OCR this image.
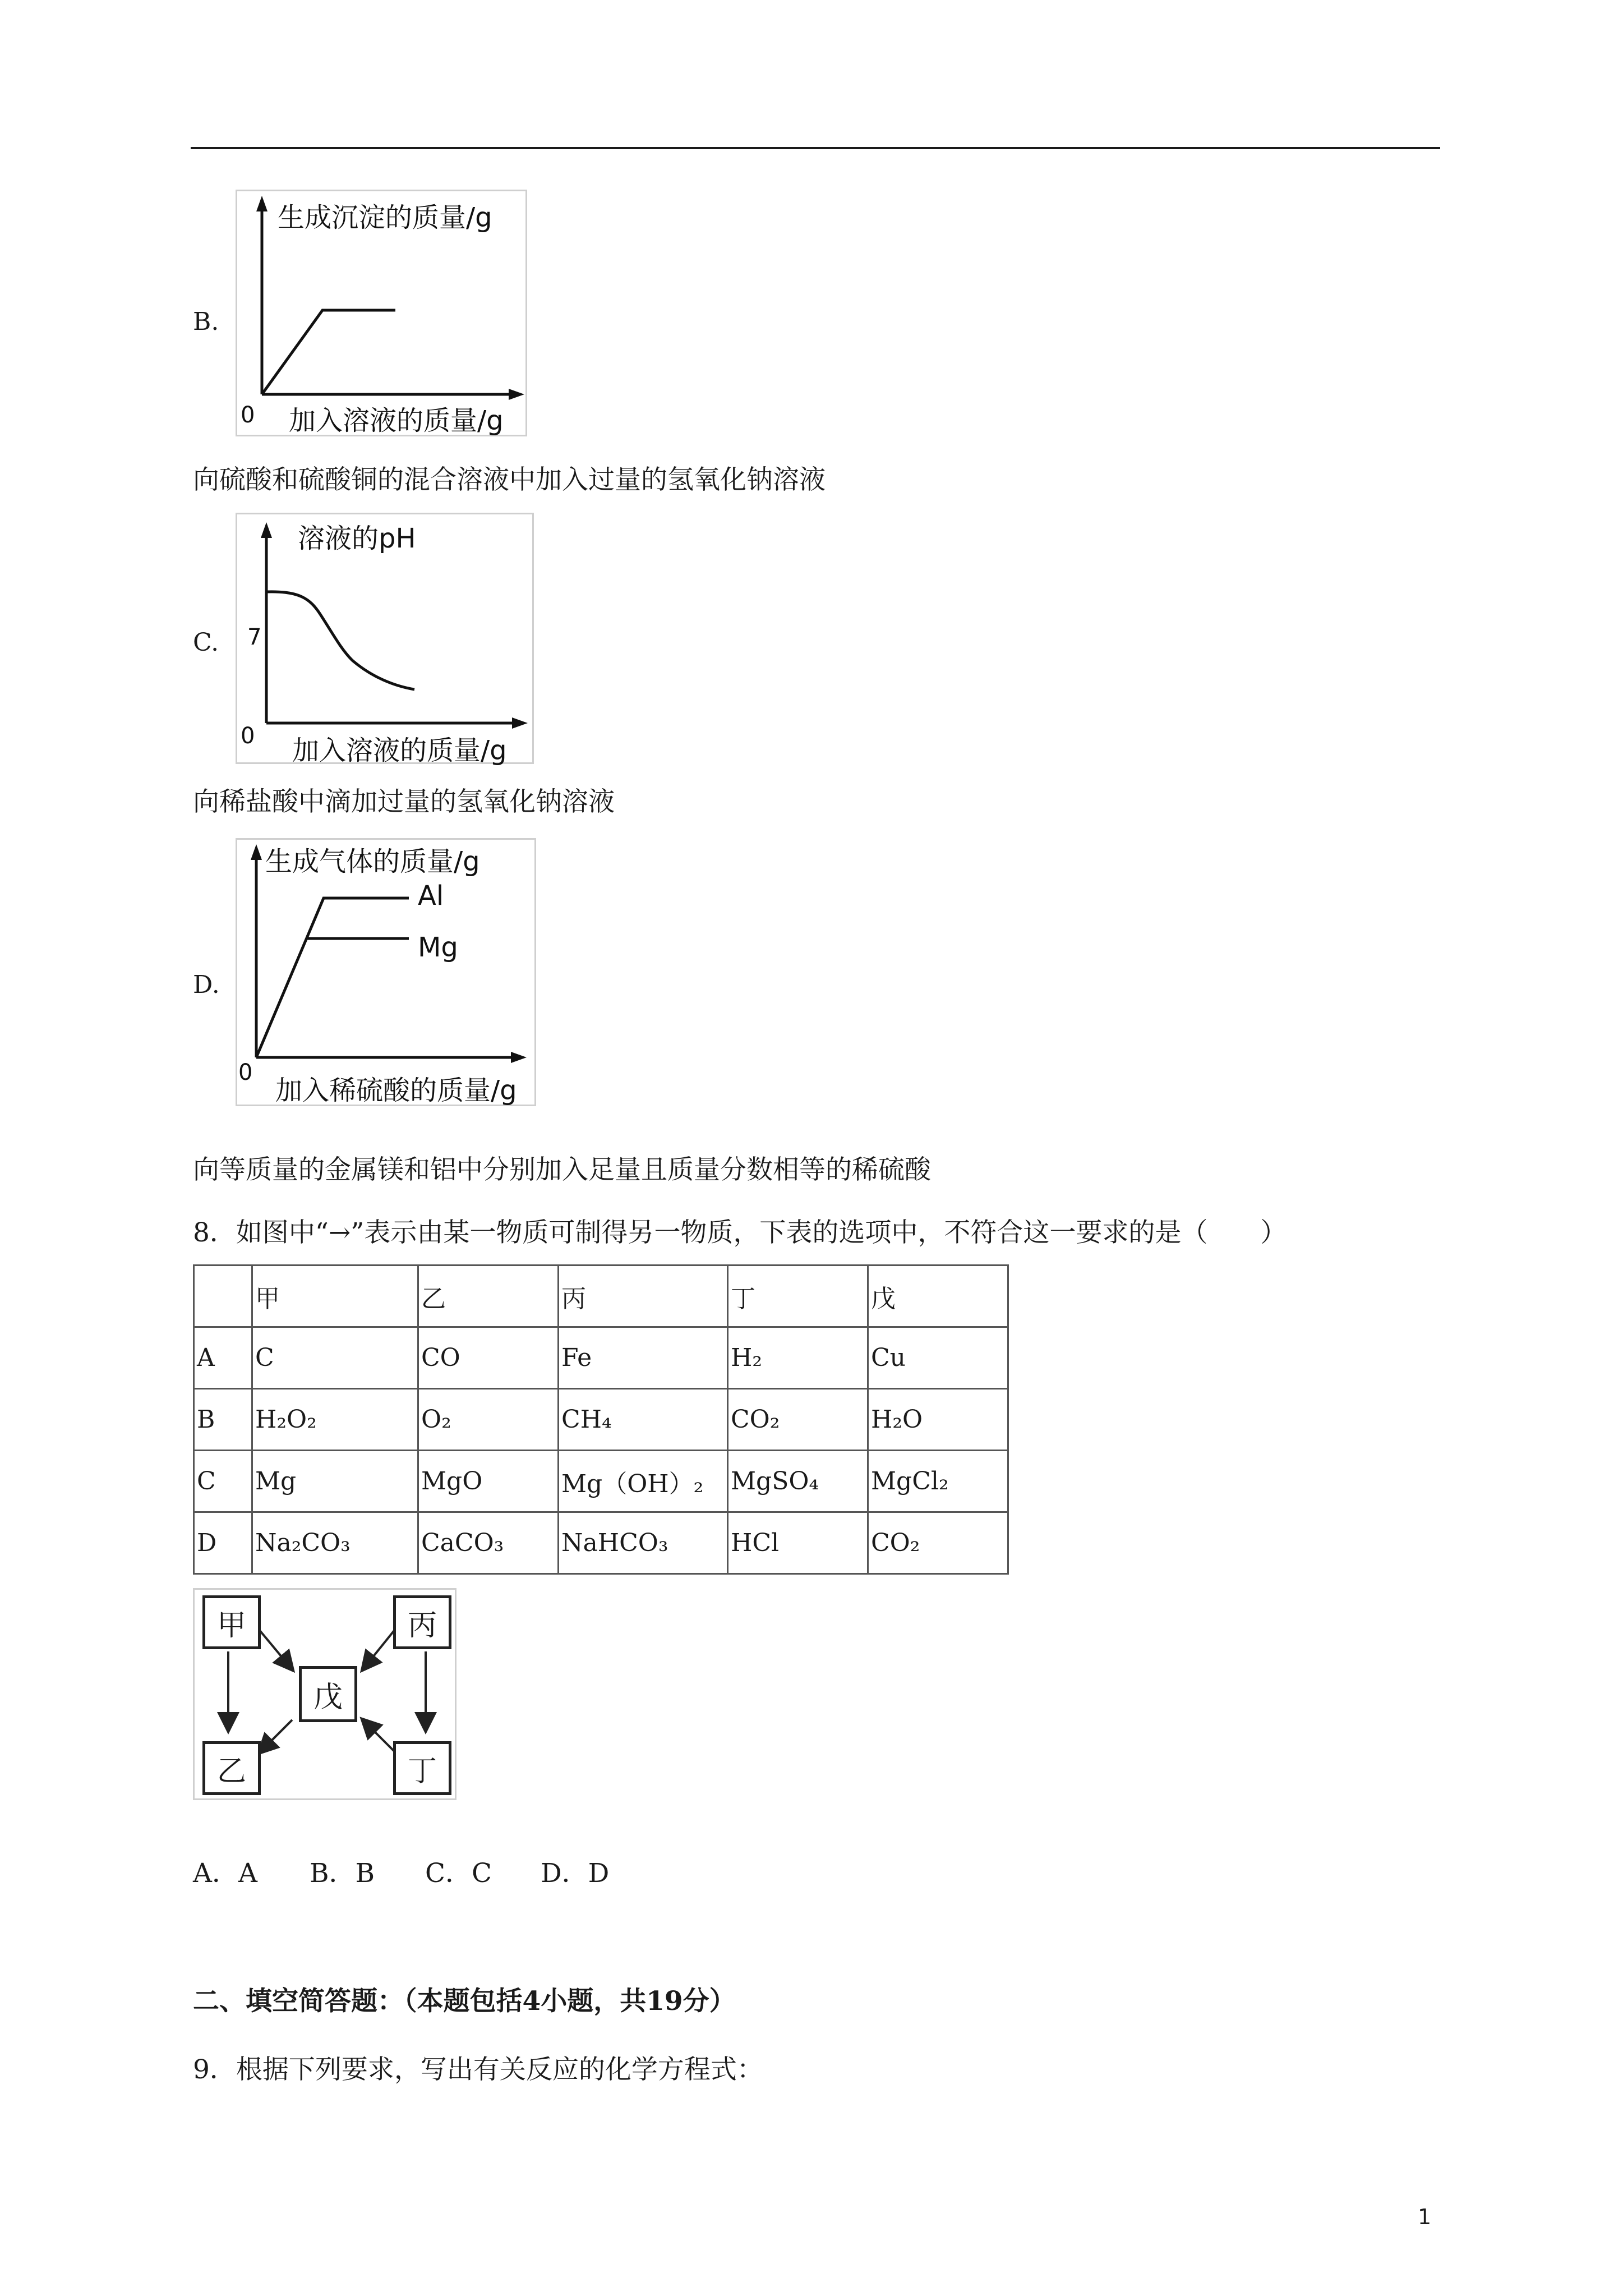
B.
生成沉淀的质量/g
0 加入溶液的质量/g
向硫酸和硫酸铜的混合溶液中加入过量的氢氧化钠溶液
C.
溶液的pH
7
0 加入溶液的质量/g
向稀盐酸中滴加过量的氢氧化钠溶液
D.
生成气体的质量/g
Al
Mg
0
加入稀硫酸的质量/g
向等质量的金属镁和铝中分别加入足量且质量分数相等的稀硫酸
8．如图中“→”表示由某一物质可制得另一物质，下表的选项中，不符合这一要求的是（　　）
	甲	乙	丙	丁	戊
A	C	CO	Fe	H₂	Cu
B	H₂O₂	O₂	CH₄	CO₂	H₂O
C	Mg	MgO	Mg（OH）₂	MgSO₄	MgCl₂
D	Na₂CO₃	CaCO₃	NaHCO₃	HCl	CO₂
甲	丙
戊
乙	丁
A．A B．B C．C D．D
二、填空简答题：（本题包括4小题，共19分）
9．根据下列要求，写出有关反应的化学方程式：
1
